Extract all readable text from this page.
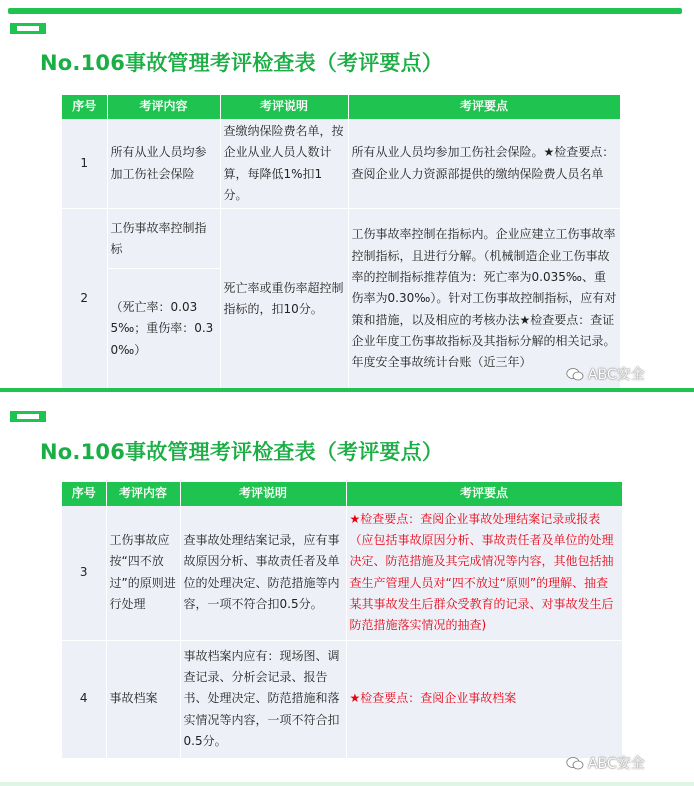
No.106事故管理考评检查表（考评要点）
序号	考评内容	考评说明	考评要点
1	所有从业人员均参加工伤社会保险	查缴纳保险费名单，按企业从业人员人数计算，每降低1%扣1分。	所有从业人员均参加工伤社会保险。★检查要点：查阅企业人力资源部提供的缴纳保险费人员名单
2	工伤事故率控制指标	死亡率或重伤率超控制指标的，扣10分。	工伤事故率控制在指标内。企业应建立工伤事故率控制指标，且进行分解。（机械制造企业工伤事故率的控制指标推荐值为：死亡率为0.035‰、重伤率为0.30‰）。针对工伤事故控制指标，应有对策和措施，以及相应的考核办法★检查要点：查证企业年度工伤事故指标及其指标分解的相关记录。年度安全事故统计台账（近三年）
	（死亡率：0.035‰；重伤率：0.30‰）		
ABC安全
No.106事故管理考评检查表（考评要点）
序号	考评内容	考评说明	考评要点
3	工伤事故应按“四不放过”的原则进行处理	查事故处理结案记录，应有事故原因分析、事故责任者及单位的处理决定、防范措施等内容，一项不符合扣0.5分。	★检查要点：查阅企业事故处理结案记录或报表（应包括事故原因分析、事故责任者及单位的处理决定、防范措施及其完成情况等内容，其他包括抽查生产管理人员对“四不放过“原则”的理解、抽查某其事故发生后群众受教育的记录、对事故发生后防范措施落实情况的抽查)
4	事故档案	事故档案内应有：现场图、调查记录、分析会记录、报告书、处理决定、防范措施和落实情况等内容，一项不符合扣0.5分。	★检查要点：查阅企业事故档案
ABC安全
